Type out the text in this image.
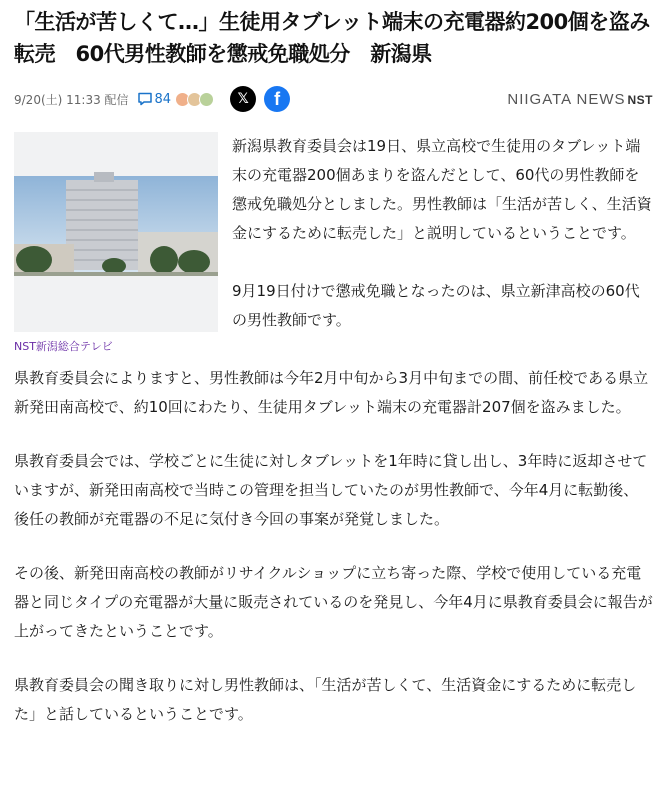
「生活が苦しくて…」生徒用タブレット端末の充電器約200個を盗み転売　60代男性教師を懲戒免職処分　新潟県
9/20(土) 11:33 配信 84	𝕏 f	NIIGATA NEWS NST
NST新潟総合テレビ

新潟県教育委員会は19日、県立高校で生徒用のタブレット端末の充電器200個あまりを盗んだとして、60代の男性教師を懲戒免職処分としました。男性教師は「生活が苦しく、生活資金にするために転売した」と説明しているということです。

9月19日付けで懲戒免職となったのは、県立新津高校の60代の男性教師です。

県教育委員会によりますと、男性教師は今年2月中旬から3月中旬までの間、前任校である県立新発田南高校で、約10回にわたり、生徒用タブレット端末の充電器計207個を盗みました。

県教育委員会では、学校ごとに生徒に対しタブレットを1年時に貸し出し、3年時に返却させていますが、新発田南高校で当時この管理を担当していたのが男性教師で、今年4月に転勤後、後任の教師が充電器の不足に気付き今回の事案が発覚しました。

その後、新発田南高校の教師がリサイクルショップに立ち寄った際、学校で使用している充電器と同じタイプの充電器が大量に販売されているのを発見し、今年4月に県教育委員会に報告が上がってきたということです。

県教育委員会の聞き取りに対し男性教師は、「生活が苦しくて、生活資金にするために転売した」と話しているということです。
